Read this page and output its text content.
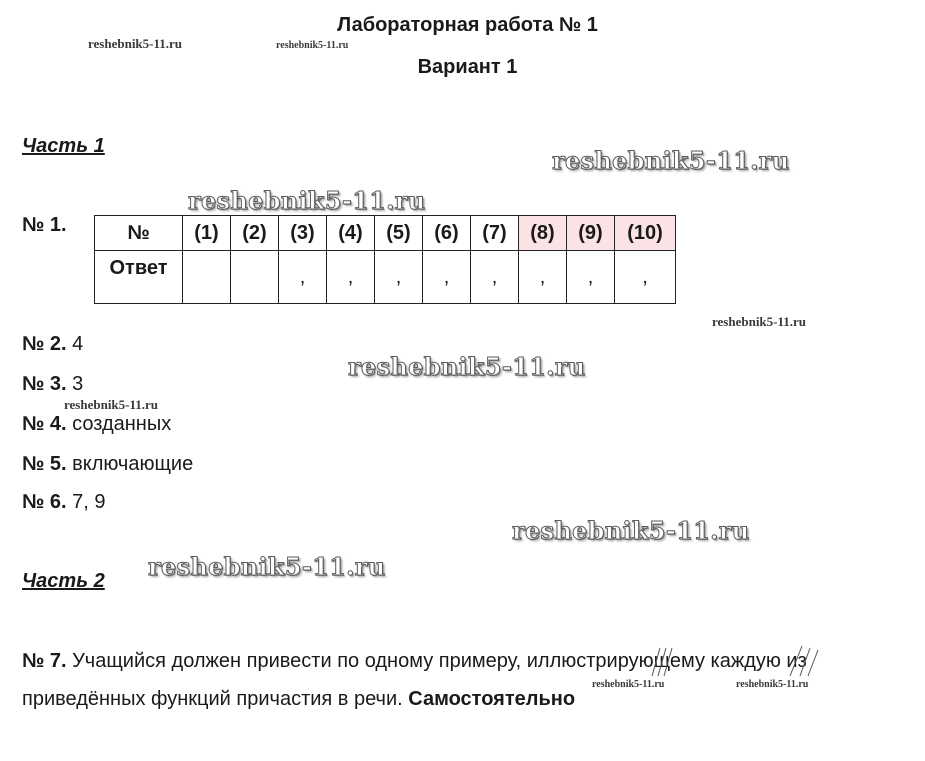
Лабораторная работа № 1
Вариант 1
Часть 1
№ 1.	№	(1)	(2)	(3)	(4)	(5)	(6)	(7)	(8)	(9)	(10)
Ответ			,	,	,	,	,	,	,	,
№ 2. 4
№ 3. 3
№ 4. созданных
№ 5. включающие
№ 6. 7, 9
Часть 2
№ 7. Учащийся должен привести по одному примеру, иллюстрирующему каждую из
приведённых функций причастия в речи. Самостоятельно
reshebnik5-11.ru	reshebnik5-11.ru
reshebnik5-11.ru
reshebnik5-11.ru
reshebnik5-11.ru
reshebnik5-11.ru
reshebnik5-11.ru
reshebnik5-11.ru
reshebnik5-11.ru
reshebnik5-11.ru	reshebnik5-11.ru
